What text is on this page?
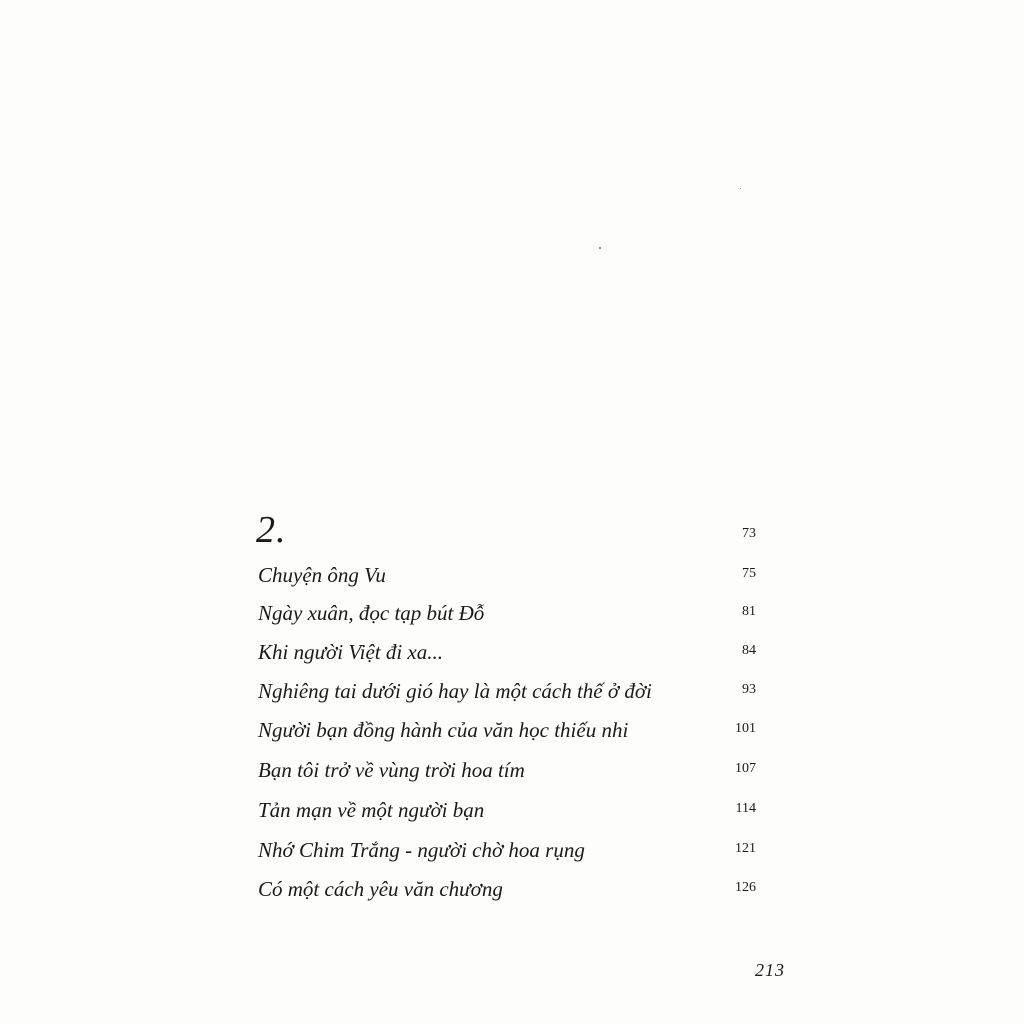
2.	73
Chuyện ông Vu	75
Ngày xuân, đọc tạp bút Đỗ	81
Khi người Việt đi xa...	84
Nghiêng tai dưới gió hay là một cách thế ở đời	93
Người bạn đồng hành của văn học thiếu nhi	101
Bạn tôi trở về vùng trời hoa tím	107
Tản mạn về một người bạn	114
Nhớ Chim Trắng - người chờ hoa rụng	121
Có một cách yêu văn chương	126
213
